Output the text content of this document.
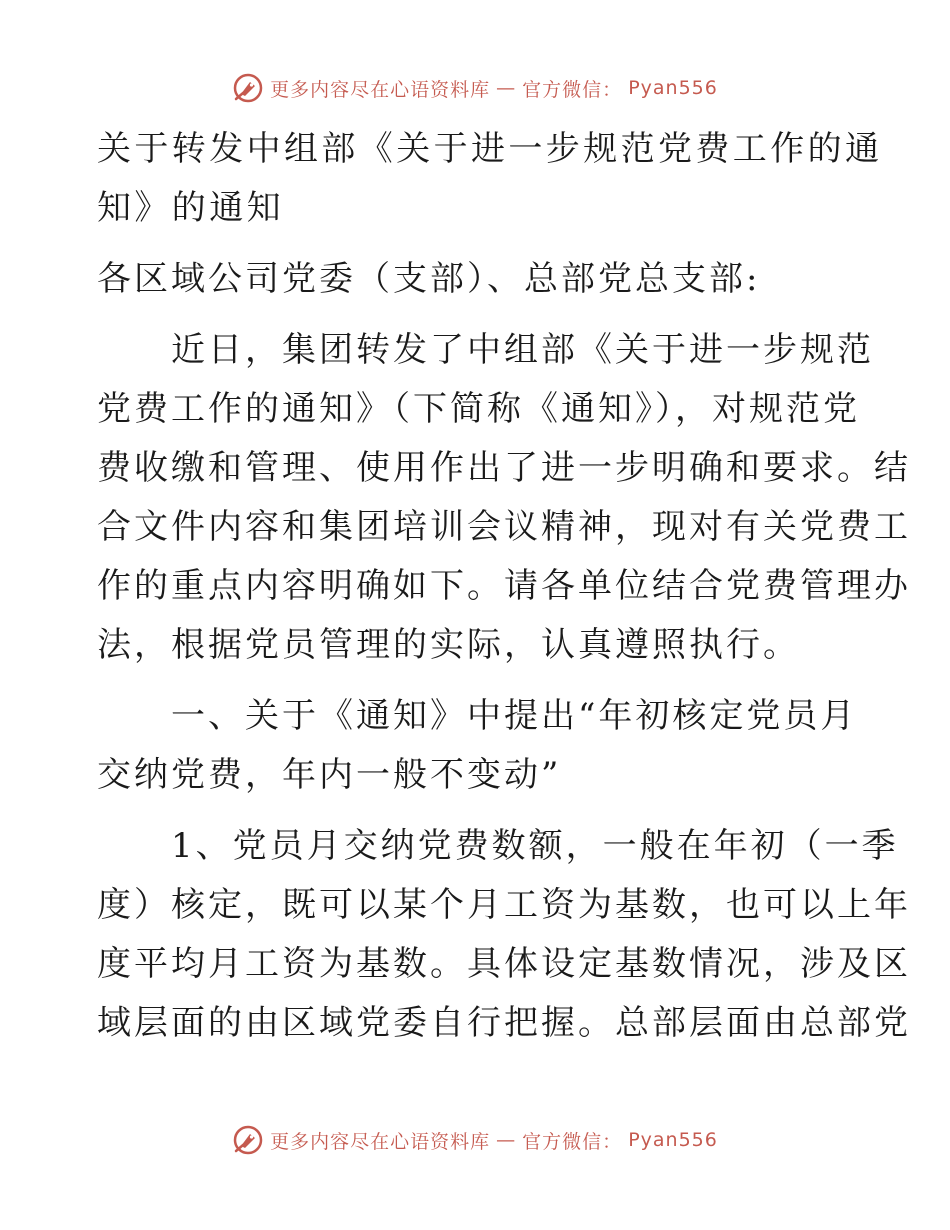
更多内容尽在心语资料库 — 官方微信： Pyan556
关于转发中组部《关于进一步规范党费工作的通
知》的通知
各区域公司党委（支部）、总部党总支部:
　　近日，集团转发了中组部《关于进一步规范
党费工作的通知》（下简称《通知》），对规范党
费收缴和管理、使用作出了进一步明确和要求。结
合文件内容和集团培训会议精神，现对有关党费工
作的重点内容明确如下。请各单位结合党费管理办
法，根据党员管理的实际，认真遵照执行。
　　一、关于《通知》中提出“年初核定党员月
交纳党费，年内一般不变动”
　　1、党员月交纳党费数额，一般在年初（一季
度）核定，既可以某个月工资为基数，也可以上年
度平均月工资为基数。具体设定基数情况，涉及区
域层面的由区域党委自行把握。总部层面由总部党
更多内容尽在心语资料库 — 官方微信： Pyan556
